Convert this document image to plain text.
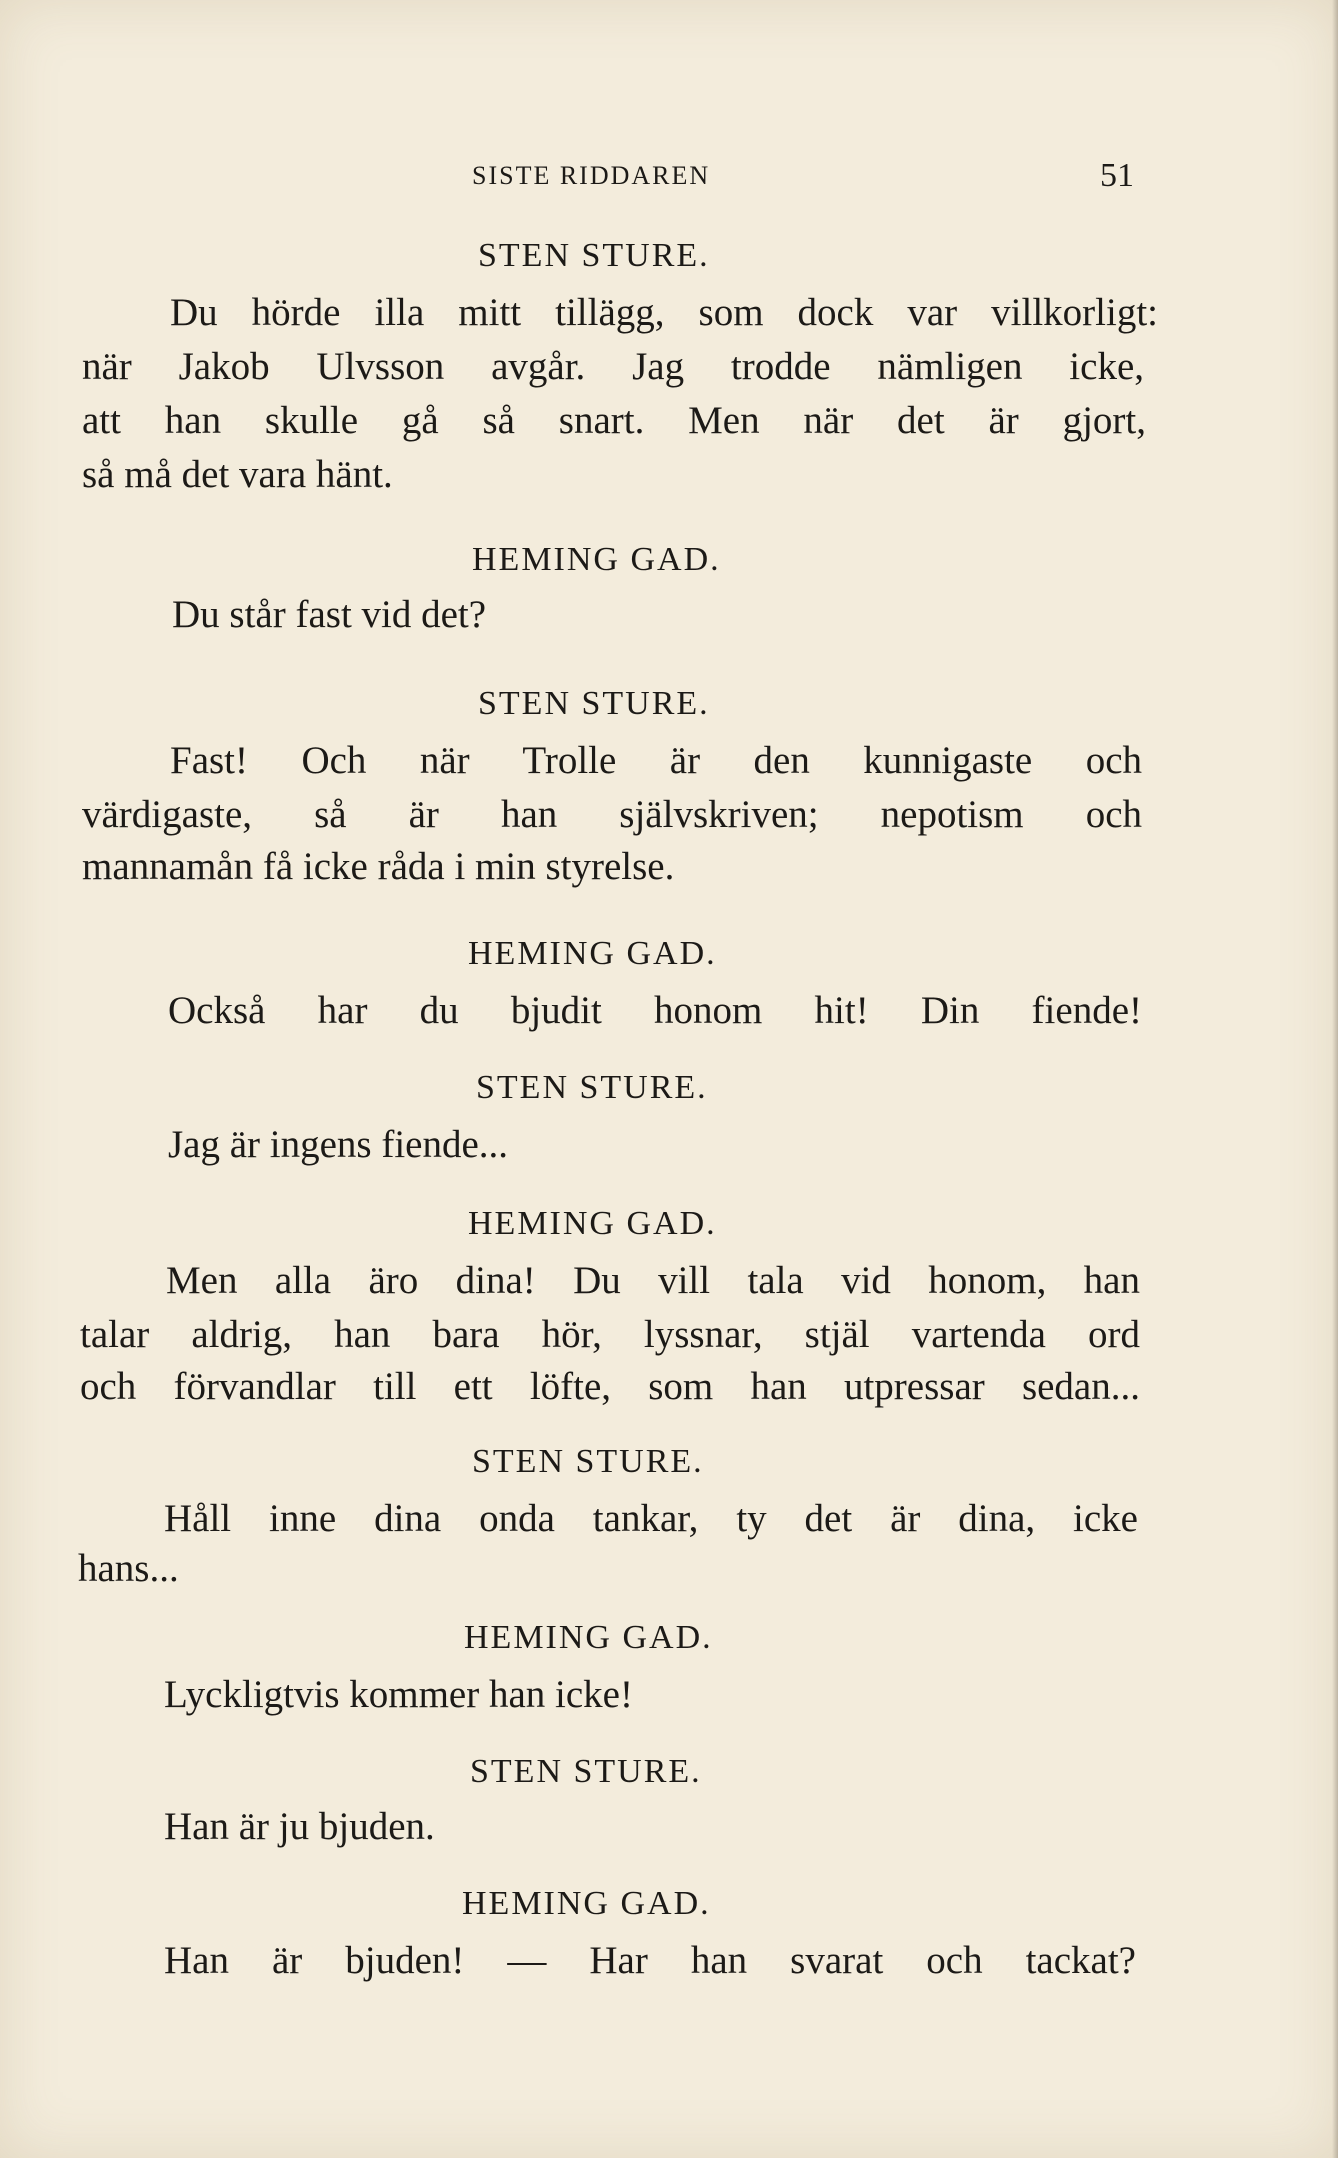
SISTE RIDDAREN	51
STEN STURE.
Du hörde illa mitt tillägg, som dock var villkorligt:
när Jakob Ulvsson avgår. Jag trodde nämligen icke,
att han skulle gå så snart. Men när det är gjort,
så må det vara hänt.
HEMING GAD.
Du står fast vid det?
STEN STURE.
Fast! Och när Trolle är den kunnigaste och
värdigaste, så är han självskriven; nepotism och
mannamån få icke råda i min styrelse.
HEMING GAD.
Också har du bjudit honom hit! Din fiende!
STEN STURE.
Jag är ingens fiende...
HEMING GAD.
Men alla äro dina! Du vill tala vid honom, han
talar aldrig, han bara hör, lyssnar, stjäl vartenda ord
och förvandlar till ett löfte, som han utpressar sedan...
STEN STURE.
Håll inne dina onda tankar, ty det är dina, icke
hans...
HEMING GAD.
Lyckligtvis kommer han icke!
STEN STURE.
Han är ju bjuden.
HEMING GAD.
Han är bjuden! — Har han svarat och tackat?
